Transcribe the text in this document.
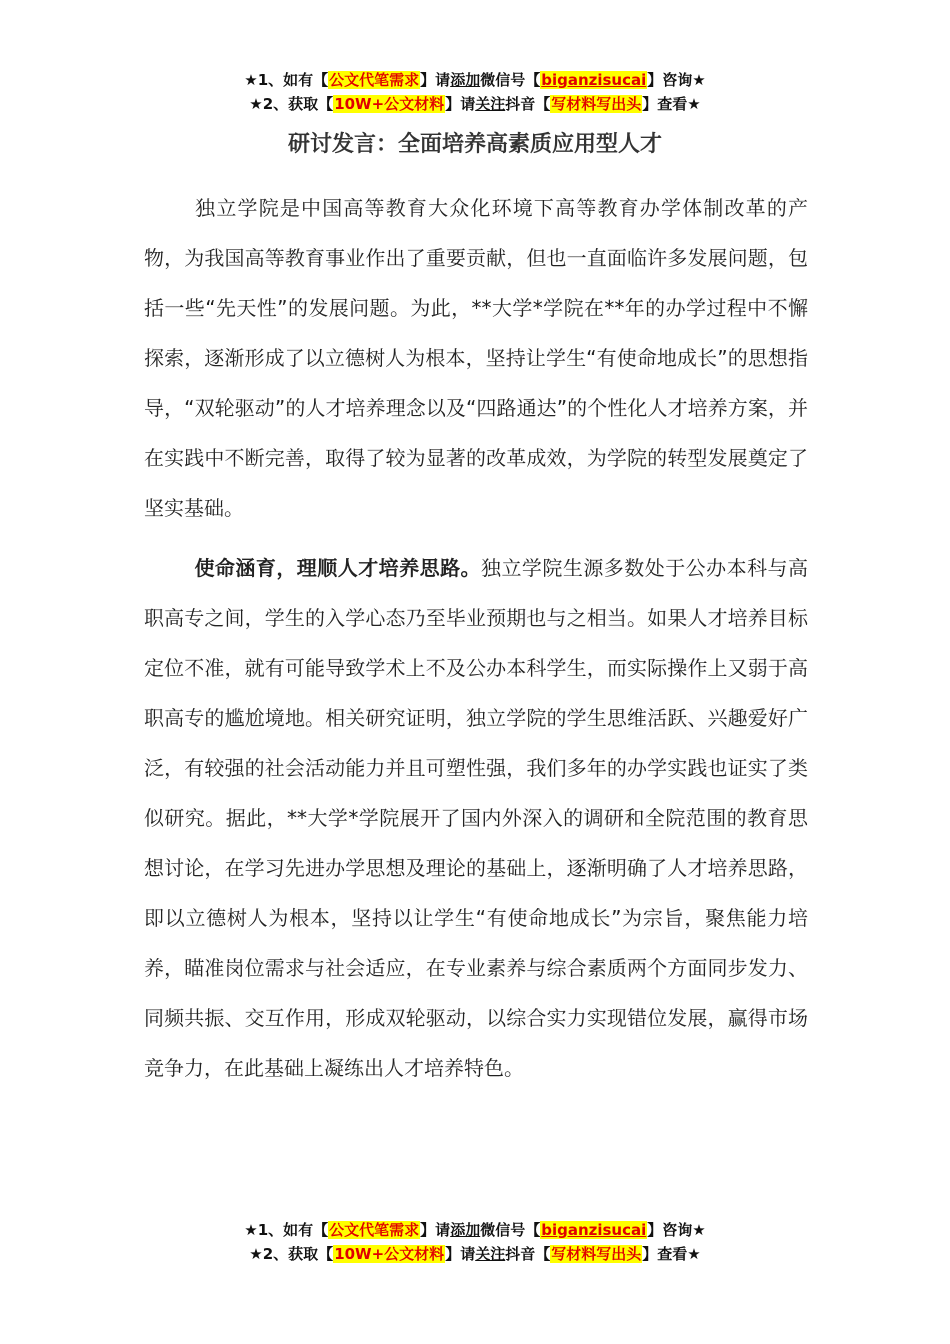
★1、如有【公文代笔需求】请添加微信号【biganzisucai】咨询★
★2、获取【10W+公文材料】请关注抖音【写材料写出头】查看★
研讨发言：全面培养高素质应用型人才

独立学院是中国高等教育大众化环境下高等教育办学体制改革的产物，为我国高等教育事业作出了重要贡献，但也一直面临许多发展问题，包括一些“先天性”的发展问题。为此，**大学*学院在**年的办学过程中不懈探索，逐渐形成了以立德树人为根本，坚持让学生“有使命地成长”的思想指导，“双轮驱动”的人才培养理念以及“四路通达”的个性化人才培养方案，并在实践中不断完善，取得了较为显著的改革成效，为学院的转型发展奠定了坚实基础。

使命涵育，理顺人才培养思路。独立学院生源多数处于公办本科与高职高专之间，学生的入学心态乃至毕业预期也与之相当。如果人才培养目标定位不准，就有可能导致学术上不及公办本科学生，而实际操作上又弱于高职高专的尴尬境地。相关研究证明，独立学院的学生思维活跃、兴趣爱好广泛，有较强的社会活动能力并且可塑性强，我们多年的办学实践也证实了类似研究。据此，**大学*学院展开了国内外深入的调研和全院范围的教育思想讨论，在学习先进办学思想及理论的基础上，逐渐明确了人才培养思路，即以立德树人为根本，坚持以让学生“有使命地成长”为宗旨，聚焦能力培养，瞄准岗位需求与社会适应，在专业素养与综合素质两个方面同步发力、同频共振、交互作用，形成双轮驱动，以综合实力实现错位发展，赢得市场竞争力，在此基础上凝练出人才培养特色。

★1、如有【公文代笔需求】请添加微信号【biganzisucai】咨询★
★2、获取【10W+公文材料】请关注抖音【写材料写出头】查看★
